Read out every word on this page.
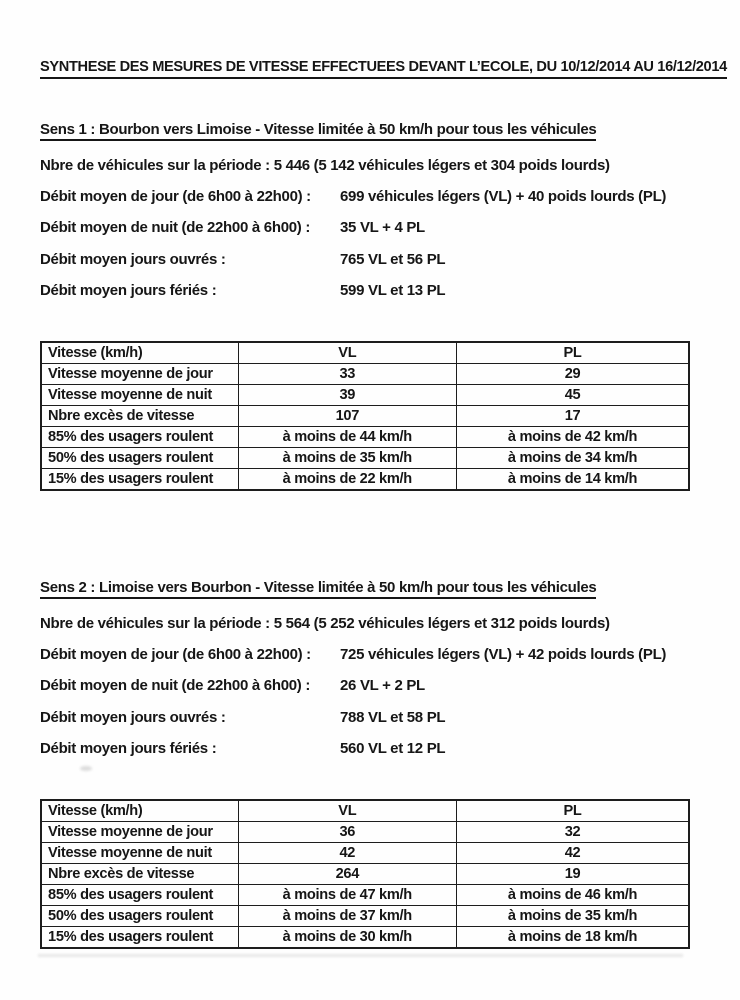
SYNTHESE DES MESURES DE VITESSE EFFECTUEES DEVANT L’ECOLE, DU 10/12/2014 AU 16/12/2014
Sens 1 : Bourbon vers Limoise - Vitesse limitée à 50 km/h pour tous les véhicules

Nbre de véhicules sur la période : 5 446 (5 142 véhicules légers et 304 poids lourds)

Débit moyen de jour (de 6h00 à 22h00) :	699 véhicules légers (VL) + 40 poids lourds (PL)
Débit moyen de nuit (de 22h00 à 6h00) :	35 VL + 4 PL
Débit moyen jours ouvrés :	765 VL et 56 PL
Débit moyen jours fériés :	599 VL et 13 PL
Vitesse (km/h)	VL	PL
Vitesse moyenne de jour	33	29
Vitesse moyenne de nuit	39	45
Nbre excès de vitesse	107	17
85% des usagers roulent	à moins de 44 km/h	à moins de 42 km/h
50% des usagers roulent	à moins de 35 km/h	à moins de 34 km/h
15% des usagers roulent	à moins de 22 km/h	à moins de 14 km/h
Sens 2 : Limoise vers Bourbon - Vitesse limitée à 50 km/h pour tous les véhicules

Nbre de véhicules sur la période : 5 564 (5 252 véhicules légers et 312 poids lourds)

Débit moyen de jour (de 6h00 à 22h00) :	725 véhicules légers (VL) + 42 poids lourds (PL)
Débit moyen de nuit (de 22h00 à 6h00) :	26 VL + 2 PL
Débit moyen jours ouvrés :	788 VL et 58 PL
Débit moyen jours fériés :	560 VL et 12 PL
Vitesse (km/h)	VL	PL
Vitesse moyenne de jour	36	32
Vitesse moyenne de nuit	42	42
Nbre excès de vitesse	264	19
85% des usagers roulent	à moins de 47 km/h	à moins de 46 km/h
50% des usagers roulent	à moins de 37 km/h	à moins de 35 km/h
15% des usagers roulent	à moins de 30 km/h	à moins de 18 km/h
